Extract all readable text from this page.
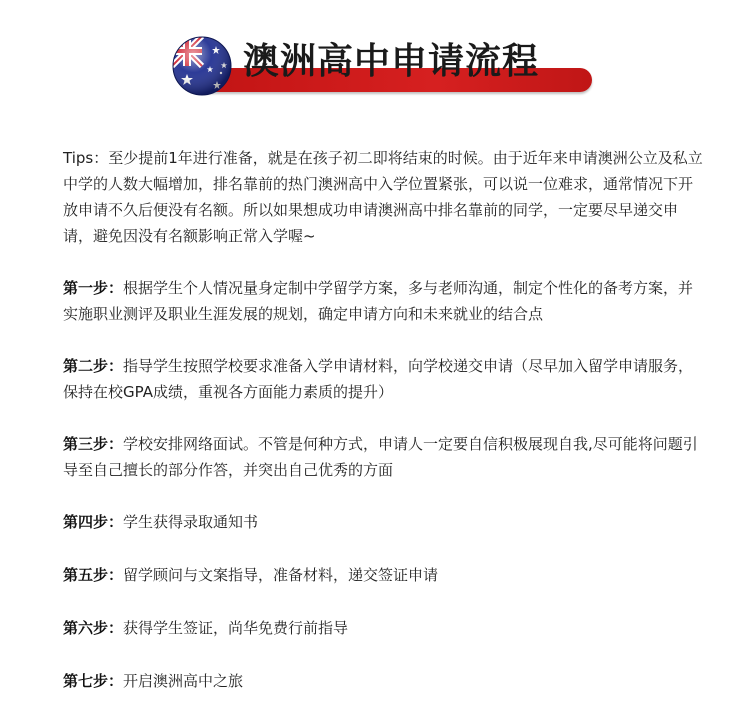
澳洲高中申请流程

Tips：至少提前1年进行准备，就是在孩子初二即将结束的时候。由于近年来申请澳洲公立及私立中学的人数大幅增加，排名靠前的热门澳洲高中入学位置紧张，可以说一位难求，通常情况下开放申请不久后便没有名额。所以如果想成功申请澳洲高中排名靠前的同学，一定要尽早递交申请，避免因没有名额影响正常入学喔~

第一步：根据学生个人情况量身定制中学留学方案，多与老师沟通，制定个性化的备考方案，并实施职业测评及职业生涯发展的规划，确定申请方向和未来就业的结合点

第二步：指导学生按照学校要求准备入学申请材料，向学校递交申请（尽早加入留学申请服务，保持在校GPA成绩，重视各方面能力素质的提升）

第三步：学校安排网络面试。不管是何种方式，申请人一定要自信积极展现自我,尽可能将问题引导至自己擅长的部分作答，并突出自己优秀的方面

第四步：学生获得录取通知书

第五步：留学顾问与文案指导，准备材料，递交签证申请

第六步：获得学生签证，尚华免费行前指导

第七步：开启澳洲高中之旅
